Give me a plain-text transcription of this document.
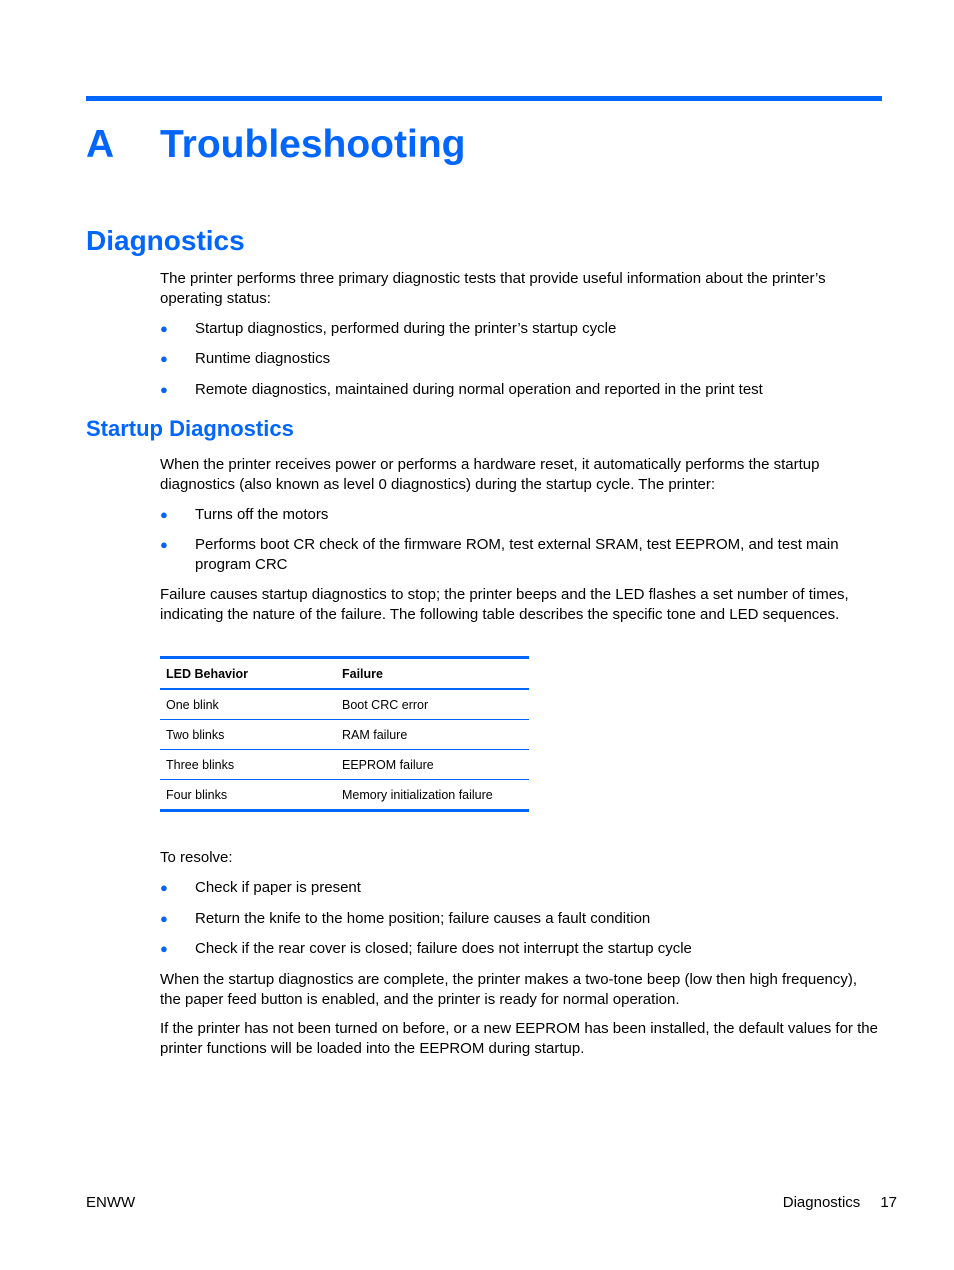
A Troubleshooting
Diagnostics

The printer performs three primary diagnostic tests that provide useful information about the printer’s operating status:

● Startup diagnostics, performed during the printer’s startup cycle
● Runtime diagnostics
● Remote diagnostics, maintained during normal operation and reported in the print test
Startup Diagnostics

When the printer receives power or performs a hardware reset, it automatically performs the startup diagnostics (also known as level 0 diagnostics) during the startup cycle. The printer:

● Turns off the motors
● Performs boot CR check of the firmware ROM, test external SRAM, test EEPROM, and test main program CRC

Failure causes startup diagnostics to stop; the printer beeps and the LED flashes a set number of times, indicating the nature of the failure. The following table describes the specific tone and LED sequences.

LED Behavior	Failure
One blink	Boot CRC error
Two blinks	RAM failure
Three blinks	EEPROM failure
Four blinks	Memory initialization failure

To resolve:

● Check if paper is present
● Return the knife to the home position; failure causes a fault condition
● Check if the rear cover is closed; failure does not interrupt the startup cycle

When the startup diagnostics are complete, the printer makes a two-tone beep (low then high frequency), the paper feed button is enabled, and the printer is ready for normal operation.

If the printer has not been turned on before, or a new EEPROM has been installed, the default values for the printer functions will be loaded into the EEPROM during startup.

ENWW	Diagnostics 17
